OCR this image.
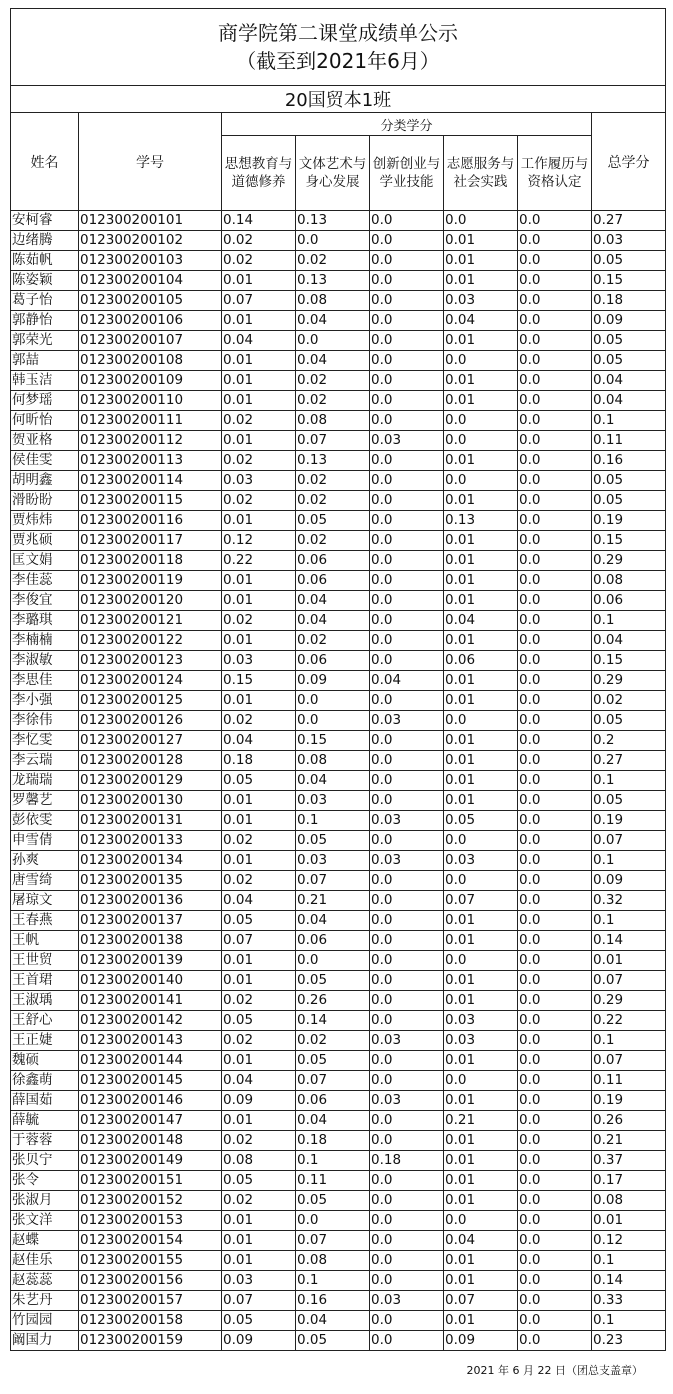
商学院第二课堂成绩单公示
（截至到2021年6月）							

20国贸本1班							
姓名	学号	分类学分					总学分
		思想教育与道德修养	文体艺术与身心发展	创新创业与学业技能	志愿服务与社会实践	工作履历与资格认定	
安柯睿	012300200101	0.14	0.13	0.0	0.0	0.0	0.27
边绪腾	012300200102	0.02	0.0	0.0	0.01	0.0	0.03
陈茹帆	012300200103	0.02	0.02	0.0	0.01	0.0	0.05
陈姿颖	012300200104	0.01	0.13	0.0	0.01	0.0	0.15
葛子怡	012300200105	0.07	0.08	0.0	0.03	0.0	0.18
郭静怡	012300200106	0.01	0.04	0.0	0.04	0.0	0.09
郭荣光	012300200107	0.04	0.0	0.0	0.01	0.0	0.05
郭喆	012300200108	0.01	0.04	0.0	0.0	0.0	0.05
韩玉洁	012300200109	0.01	0.02	0.0	0.01	0.0	0.04
何梦瑶	012300200110	0.01	0.02	0.0	0.01	0.0	0.04
何昕怡	012300200111	0.02	0.08	0.0	0.0	0.0	0.1
贺亚格	012300200112	0.01	0.07	0.03	0.0	0.0	0.11
侯佳雯	012300200113	0.02	0.13	0.0	0.01	0.0	0.16
胡明鑫	012300200114	0.03	0.02	0.0	0.0	0.0	0.05
滑盼盼	012300200115	0.02	0.02	0.0	0.01	0.0	0.05
贾炜炜	012300200116	0.01	0.05	0.0	0.13	0.0	0.19
贾兆硕	012300200117	0.12	0.02	0.0	0.01	0.0	0.15
匡文娟	012300200118	0.22	0.06	0.0	0.01	0.0	0.29
李佳蕊	012300200119	0.01	0.06	0.0	0.01	0.0	0.08
李俊宜	012300200120	0.01	0.04	0.0	0.01	0.0	0.06
李璐琪	012300200121	0.02	0.04	0.0	0.04	0.0	0.1
李楠楠	012300200122	0.01	0.02	0.0	0.01	0.0	0.04
李淑敏	012300200123	0.03	0.06	0.0	0.06	0.0	0.15
李思佳	012300200124	0.15	0.09	0.04	0.01	0.0	0.29
李小强	012300200125	0.01	0.0	0.0	0.01	0.0	0.02
李徐伟	012300200126	0.02	0.0	0.03	0.0	0.0	0.05
李忆雯	012300200127	0.04	0.15	0.0	0.01	0.0	0.2
李云瑞	012300200128	0.18	0.08	0.0	0.01	0.0	0.27
龙瑞瑞	012300200129	0.05	0.04	0.0	0.01	0.0	0.1
罗馨艺	012300200130	0.01	0.03	0.0	0.01	0.0	0.05
彭依雯	012300200131	0.01	0.1	0.03	0.05	0.0	0.19
申雪倩	012300200133	0.02	0.05	0.0	0.0	0.0	0.07
孙爽	012300200134	0.01	0.03	0.03	0.03	0.0	0.1
唐雪绮	012300200135	0.02	0.07	0.0	0.0	0.0	0.09
屠琼文	012300200136	0.04	0.21	0.0	0.07	0.0	0.32
王春燕	012300200137	0.05	0.04	0.0	0.01	0.0	0.1
王帆	012300200138	0.07	0.06	0.0	0.01	0.0	0.14
王世贸	012300200139	0.01	0.0	0.0	0.0	0.0	0.01
王首珺	012300200140	0.01	0.05	0.0	0.01	0.0	0.07
王淑瑀	012300200141	0.02	0.26	0.0	0.01	0.0	0.29
王舒心	012300200142	0.05	0.14	0.0	0.03	0.0	0.22
王正婕	012300200143	0.02	0.02	0.03	0.03	0.0	0.1
魏硕	012300200144	0.01	0.05	0.0	0.01	0.0	0.07
徐鑫萌	012300200145	0.04	0.07	0.0	0.0	0.0	0.11
薛国茹	012300200146	0.09	0.06	0.03	0.01	0.0	0.19
薛毓	012300200147	0.01	0.04	0.0	0.21	0.0	0.26
于蓉蓉	012300200148	0.02	0.18	0.0	0.01	0.0	0.21
张贝宁	012300200149	0.08	0.1	0.18	0.01	0.0	0.37
张令	012300200151	0.05	0.11	0.0	0.01	0.0	0.17
张淑月	012300200152	0.02	0.05	0.0	0.01	0.0	0.08
张文洋	012300200153	0.01	0.0	0.0	0.0	0.0	0.01
赵蝶	012300200154	0.01	0.07	0.0	0.04	0.0	0.12
赵佳乐	012300200155	0.01	0.08	0.0	0.01	0.0	0.1
赵蕊蕊	012300200156	0.03	0.1	0.0	0.01	0.0	0.14
朱艺丹	012300200157	0.07	0.16	0.03	0.07	0.0	0.33
竹园园	012300200158	0.05	0.04	0.0	0.01	0.0	0.1
阚国力	012300200159	0.09	0.05	0.0	0.09	0.0	0.23
2021 年 6 月 22 日（团总支盖章）
